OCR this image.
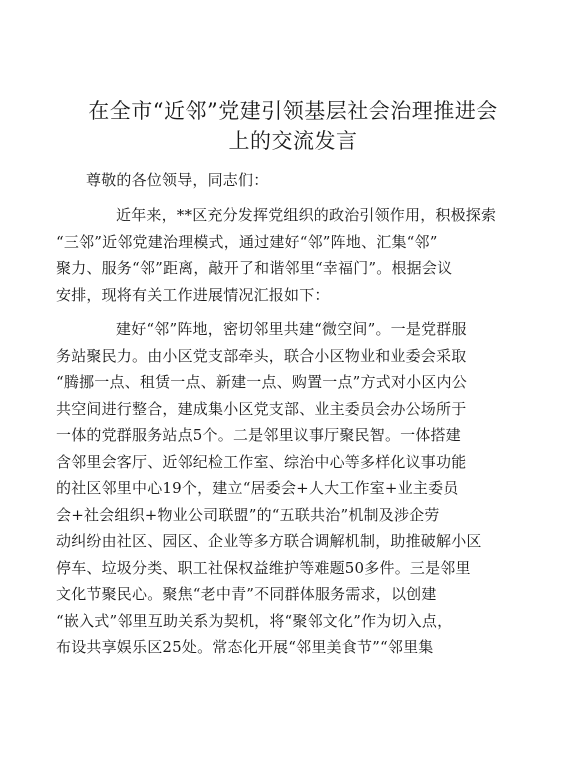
在全市“近邻”党建引领基层社会治理推进会
上的交流发言
尊敬的各位领导，同志们：
近年来，**区充分发挥党组织的政治引领作用，积极探索
“三邻”近邻党建治理模式，通过建好“邻”阵地、汇集“邻”
聚力、服务“邻”距离，敲开了和谐邻里“幸福门”。根据会议
安排，现将有关工作进展情况汇报如下：
建好“邻”阵地，密切邻里共建“微空间”。一是党群服
务站聚民力。由小区党支部牵头，联合小区物业和业委会采取
“腾挪一点、租赁一点、新建一点、购置一点”方式对小区内公
共空间进行整合，建成集小区党支部、业主委员会办公场所于
一体的党群服务站点5个。二是邻里议事厅聚民智。一体搭建
含邻里会客厅、近邻纪检工作室、综治中心等多样化议事功能
的社区邻里中心19个，建立“居委会+人大工作室+业主委员
会+社会组织+物业公司联盟”的“五联共治”机制及涉企劳
动纠纷由社区、园区、企业等多方联合调解机制，助推破解小区
停车、垃圾分类、职工社保权益维护等难题50多件。三是邻里
文化节聚民心。聚焦“老中青”不同群体服务需求，以创建
“嵌入式”邻里互助关系为契机，将“聚邻文化”作为切入点，
布设共享娱乐区25处。常态化开展“邻里美食节”“邻里集
